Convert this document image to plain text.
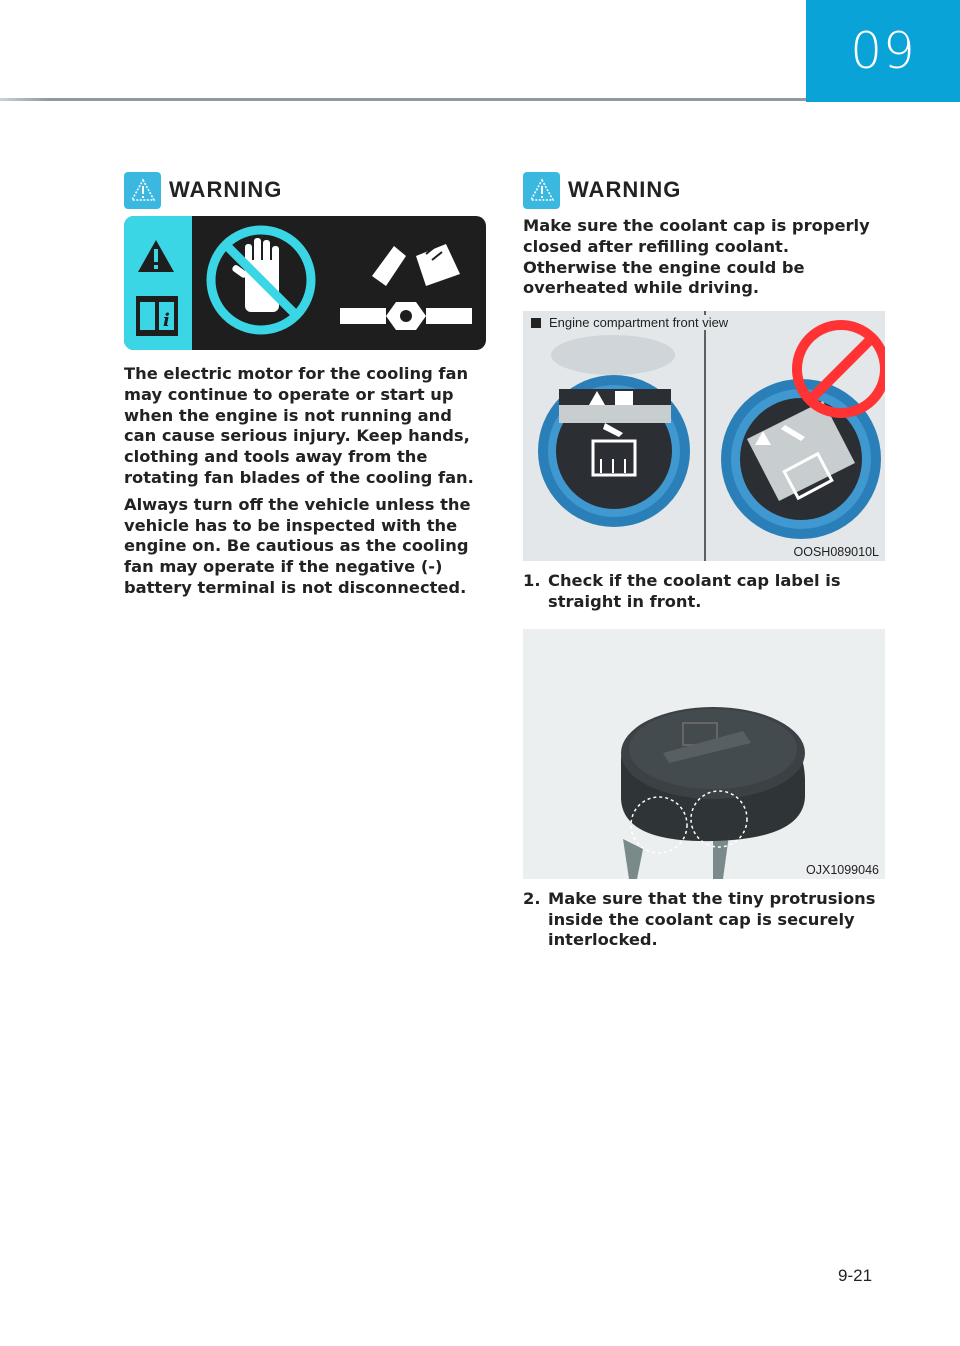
09
WARNING
i

The electric motor for the cooling fan may continue to operate or start up when the engine is not running and can cause serious injury. Keep hands, clothing and tools away from the rotating fan blades of the cooling fan.

Always turn off the vehicle unless the vehicle has to be inspected with the engine on. Be cautious as the cooling fan may operate if the negative (-) battery terminal is not disconnected.

WARNING

Make sure the coolant cap is properly closed after refilling coolant. Otherwise the engine could be overheated while driving.

Engine compartment front view
OOSH089010L
1. Check if the coolant cap label is straight in front.
OJX1099046
2. Make sure that the tiny protrusions inside the coolant cap is securely interlocked.
9-21
